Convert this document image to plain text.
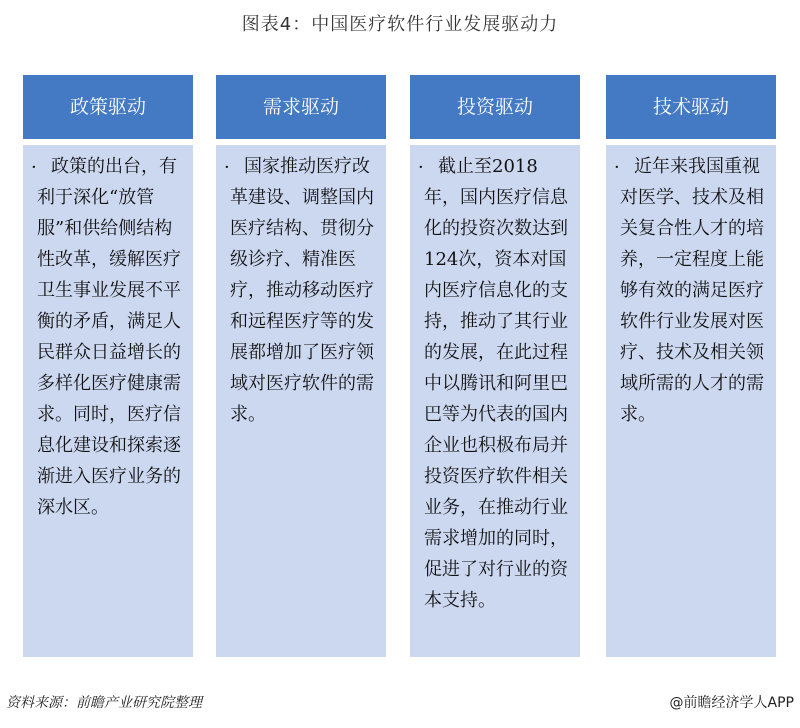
图表4：中国医疗软件行业发展驱动力
政策驱动
· 政策的出台，有利于深化“放管服”和供给侧结构性改革，缓解医疗卫生事业发展不平衡的矛盾，满足人民群众日益增长的多样化医疗健康需求。同时，医疗信息化建设和探索逐渐进入医疗业务的深水区。
需求驱动
· 国家推动医疗改革建设、调整国内医疗结构、贯彻分级诊疗、精准医疗，推动移动医疗和远程医疗等的发展都增加了医疗领域对医疗软件的需求。
投资驱动
· 截止至2018年，国内医疗信息化的投资次数达到124次，资本对国内医疗信息化的支持，推动了其行业的发展，在此过程中以腾讯和阿里巴巴等为代表的国内企业也积极布局并投资医疗软件相关业务，在推动行业需求增加的同时，促进了对行业的资本支持。
技术驱动
· 近年来我国重视对医学、技术及相关复合性人才的培养，一定程度上能够有效的满足医疗软件行业发展对医疗、技术及相关领域所需的人才的需求。
资料来源：前瞻产业研究院整理	@前瞻经济学人APP
